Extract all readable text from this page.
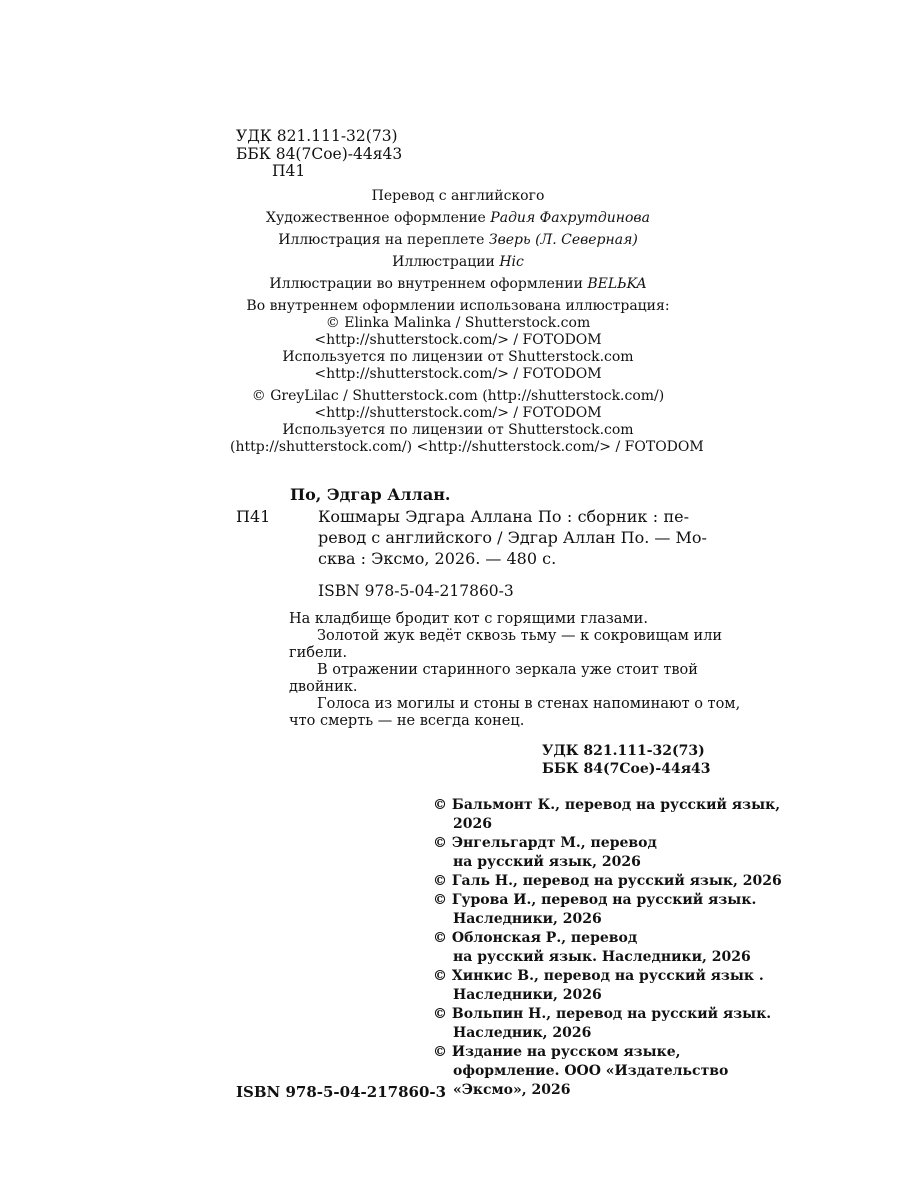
УДК 821.111-32(73)
ББК 84(7Сое)-44я43
П41
Перевод с английского
Художественное оформление Радия Фахрутдинова
Иллюстрация на переплете Зверь (Л. Северная)
Иллюстрации Hic
Иллюстрации во внутреннем оформлении BELЬKA
Во внутреннем оформлении использована иллюстрация:
© Elinka Malinka / Shutterstock.com
<http://shutterstock.com/> / FOTODOM
Используется по лицензии от Shutterstock.com
<http://shutterstock.com/> / FOTODOM
© GreyLilac / Shutterstock.com (http://shutterstock.com/)
<http://shutterstock.com/> / FOTODOM
Используется по лицензии от Shutterstock.com
(http://shutterstock.com/) <http://shutterstock.com/> / FOTODOM
По, Эдгар Аллан.
П41	Кошмары Эдгара Аллана По : сборник : пе-
ревод с английского / Эдгар Аллан По. — Мо-
сква : Эксмо, 2026. — 480 с.
ISBN 978-5-04-217860-3

На кладбище бродит кот с горящими глазами.

Золотой жук ведёт сквозь тьму — к сокровищам или
гибели.

В отражении старинного зеркала уже стоит твой
двойник.

Голоса из могилы и стоны в стенах напоминают о том,
что смерть — не всегда конец.

УДК 821.111-32(73)
ББК 84(7Сое)-44я43
© Бальмонт К., перевод на русский язык,
2026
© Энгельгардт М., перевод
на русский язык, 2026
© Галь Н., перевод на русский язык, 2026
© Гурова И., перевод на русский язык.
Наследники, 2026
© Облонская Р., перевод
на русский язык. Наследники, 2026
© Хинкис В., перевод на русский язык .
Наследники, 2026
© Вольпин Н., перевод на русский язык.
Наследник, 2026
© Издание на русском языке,
оформление. ООО «Издательство
«Эксмо», 2026
ISBN 978-5-04-217860-3
